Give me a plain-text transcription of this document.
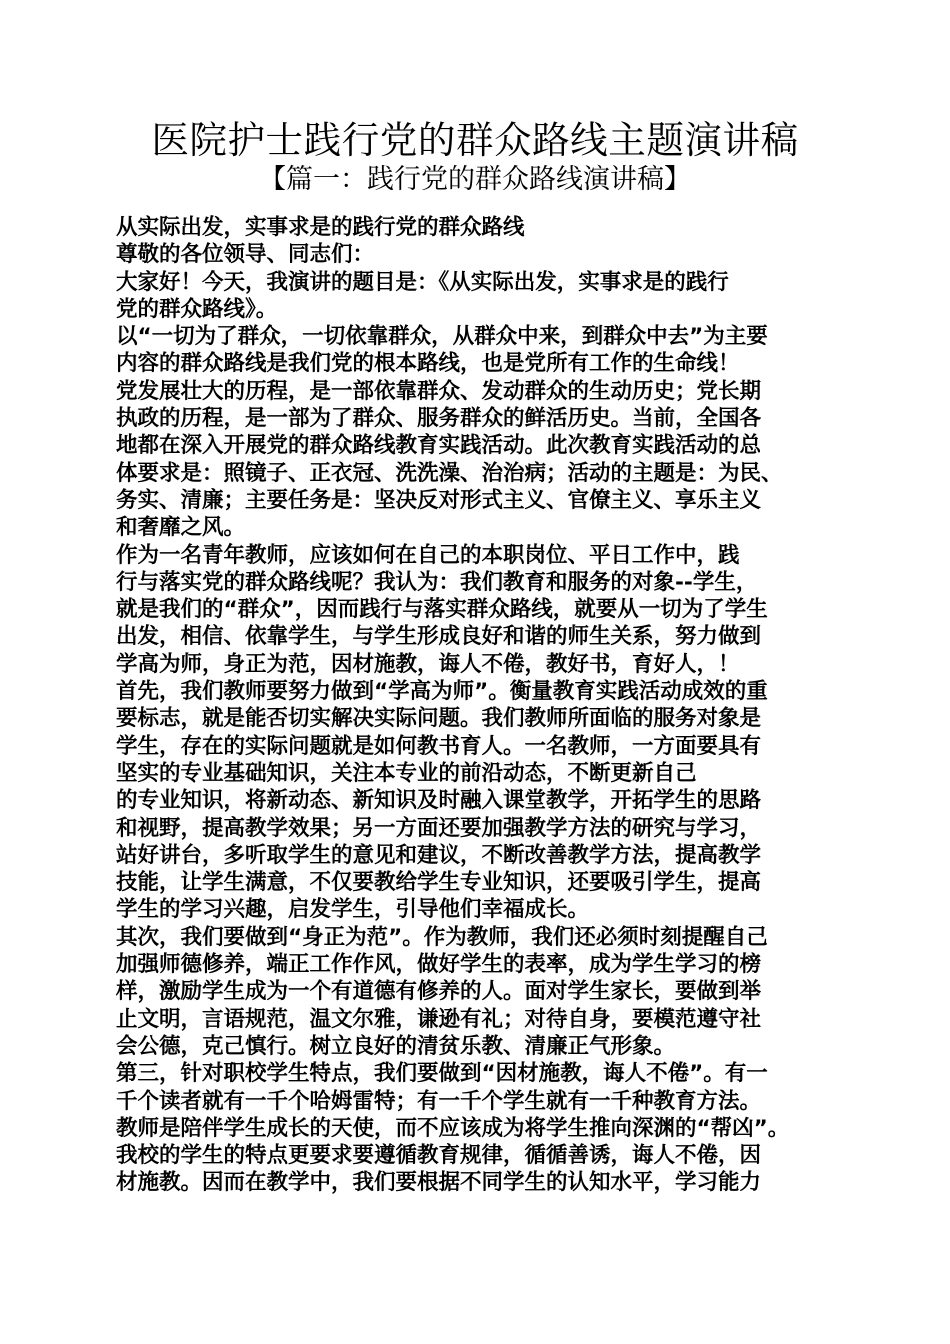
医院护士践行党的群众路线主题演讲稿
【篇一：践行党的群众路线演讲稿】
从实际出发，实事求是的践行党的群众路线
尊敬的各位领导、同志们：
大家好！今天，我演讲的题目是：《从实际出发，实事求是的践行
党的群众路线》。
以“一切为了群众，一切依靠群众，从群众中来，到群众中去”为主要
内容的群众路线是我们党的根本路线，也是党所有工作的生命线！
党发展壮大的历程，是一部依靠群众、发动群众的生动历史；党长期
执政的历程，是一部为了群众、服务群众的鲜活历史。当前，全国各
地都在深入开展党的群众路线教育实践活动。此次教育实践活动的总
体要求是：照镜子、正衣冠、洗洗澡、治治病；活动的主题是：为民、
务实、清廉；主要任务是：坚决反对形式主义、官僚主义、享乐主义
和奢靡之风。
作为一名青年教师，应该如何在自己的本职岗位、平日工作中，践
行与落实党的群众路线呢？我认为：我们教育和服务的对象--学生，
就是我们的“群众”，因而践行与落实群众路线，就要从一切为了学生
出发，相信、依靠学生，与学生形成良好和谐的师生关系，努力做到
学高为师，身正为范，因材施教，诲人不倦，教好书，育好人，！
首先，我们教师要努力做到“学高为师”。衡量教育实践活动成效的重
要标志，就是能否切实解决实际问题。我们教师所面临的服务对象是
学生，存在的实际问题就是如何教书育人。一名教师，一方面要具有
坚实的专业基础知识，关注本专业的前沿动态，不断更新自己
的专业知识，将新动态、新知识及时融入课堂教学，开拓学生的思路
和视野，提高教学效果；另一方面还要加强教学方法的研究与学习，
站好讲台，多听取学生的意见和建议，不断改善教学方法，提高教学
技能，让学生满意，不仅要教给学生专业知识，还要吸引学生，提高
学生的学习兴趣，启发学生，引导他们幸福成长。
其次，我们要做到“身正为范”。作为教师，我们还必须时刻提醒自己
加强师德修养，端正工作作风，做好学生的表率，成为学生学习的榜
样，激励学生成为一个有道德有修养的人。面对学生家长，要做到举
止文明，言语规范，温文尔雅，谦逊有礼；对待自身，要模范遵守社
会公德，克己慎行。树立良好的清贫乐教、清廉正气形象。
第三，针对职校学生特点，我们要做到“因材施教，诲人不倦”。有一
千个读者就有一千个哈姆雷特；有一千个学生就有一千种教育方法。
教师是陪伴学生成长的天使，而不应该成为将学生推向深渊的“帮凶”。
我校的学生的特点更要求要遵循教育规律，循循善诱，诲人不倦，因
材施教。因而在教学中，我们要根据不同学生的认知水平，学习能力
